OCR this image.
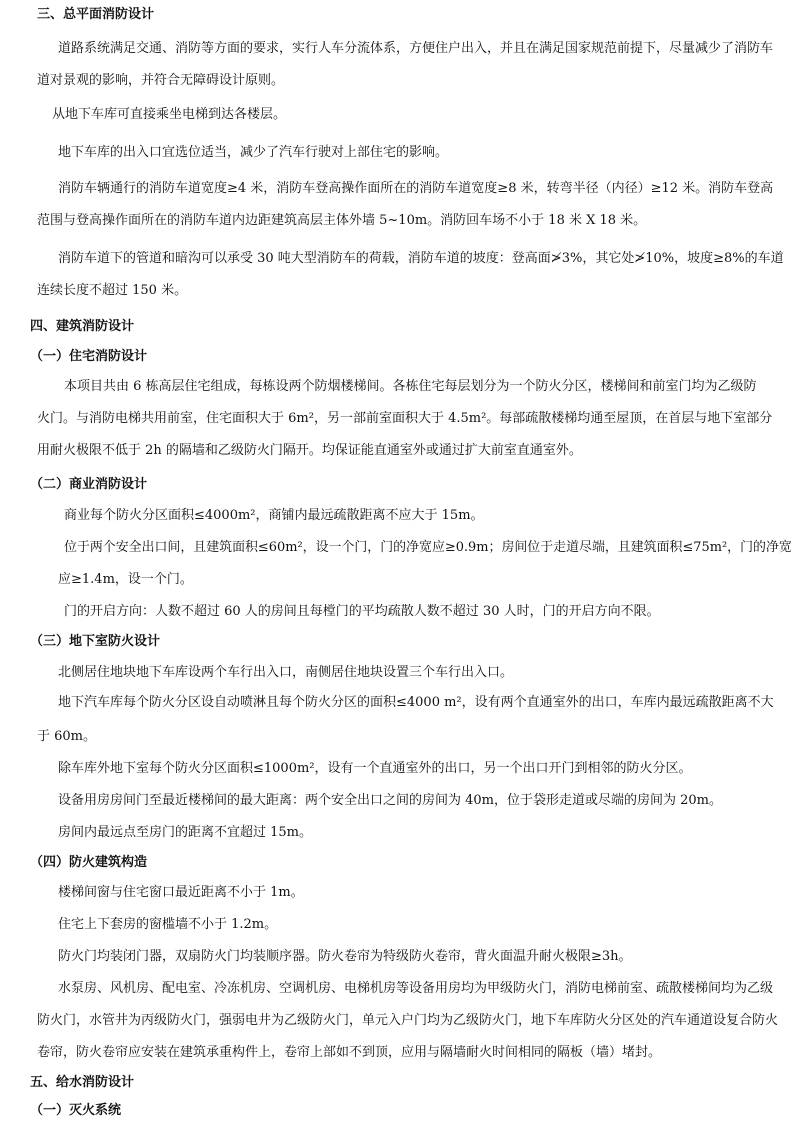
三、总平面消防设计
道路系统满足交通、消防等方面的要求，实行人车分流体系，方便住户出入，并且在满足国家规范前提下，尽量减少了消防车
道对景观的影响，并符合无障碍设计原则。
从地下车库可直接乘坐电梯到达各楼层。
地下车库的出入口宜选位适当，减少了汽车行驶对上部住宅的影响。
消防车辆通行的消防车道宽度≥4 米，消防车登高操作面所在的消防车道宽度≥8 米，转弯半径（内径）≥12 米。消防车登高
范围与登高操作面所在的消防车道内边距建筑高层主体外墙 5~10m。消防回车场不小于 18 米 X 18 米。
消防车道下的管道和暗沟可以承受 30 吨大型消防车的荷载，消防车道的坡度：登高面≯3%，其它处≯10%，坡度≥8%的车道
连续长度不超过 150 米。
四、建筑消防设计
（一）住宅消防设计
本项目共由 6 栋高层住宅组成，每栋设两个防烟楼梯间。各栋住宅每层划分为一个防火分区，楼梯间和前室门均为乙级防
火门。与消防电梯共用前室，住宅面积大于 6m²，另一部前室面积大于 4.5m²。每部疏散楼梯均通至屋顶，在首层与地下室部分
用耐火极限不低于 2h 的隔墙和乙级防火门隔开。均保证能直通室外或通过扩大前室直通室外。
（二）商业消防设计
商业每个防火分区面积≤4000m²，商铺内最远疏散距离不应大于 15m。
位于两个安全出口间，且建筑面积≤60m²，设一个门，门的净宽应≥0.9m；房间位于走道尽端，且建筑面积≤75m²，门的净宽
应≥1.4m，设一个门。
门的开启方向：人数不超过 60 人的房间且每樘门的平均疏散人数不超过 30 人时，门的开启方向不限。
（三）地下室防火设计
北侧居住地块地下车库设两个车行出入口，南侧居住地块设置三个车行出入口。
地下汽车库每个防火分区设自动喷淋且每个防火分区的面积≤4000 m²，设有两个直通室外的出口，车库内最远疏散距离不大
于 60m。
除车库外地下室每个防火分区面积≤1000m²，设有一个直通室外的出口，另一个出口开门到相邻的防火分区。
设备用房房间门至最近楼梯间的最大距离：两个安全出口之间的房间为 40m，位于袋形走道或尽端的房间为 20m。
房间内最远点至房门的距离不宜超过 15m。
（四）防火建筑构造
楼梯间窗与住宅窗口最近距离不小于 1m。
住宅上下套房的窗槛墙不小于 1.2m。
防火门均装闭门器，双扇防火门均装顺序器。防火卷帘为特级防火卷帘，背火面温升耐火极限≥3h。
水泵房、风机房、配电室、冷冻机房、空调机房、电梯机房等设备用房均为甲级防火门，消防电梯前室、疏散楼梯间均为乙级
防火门，水管井为丙级防火门，强弱电井为乙级防火门，单元入户门均为乙级防火门，地下车库防火分区处的汽车通道设复合防火
卷帘，防火卷帘应安装在建筑承重构件上，卷帘上部如不到顶，应用与隔墙耐火时间相同的隔板（墙）堵封。
五、给水消防设计
（一）灭火系统
